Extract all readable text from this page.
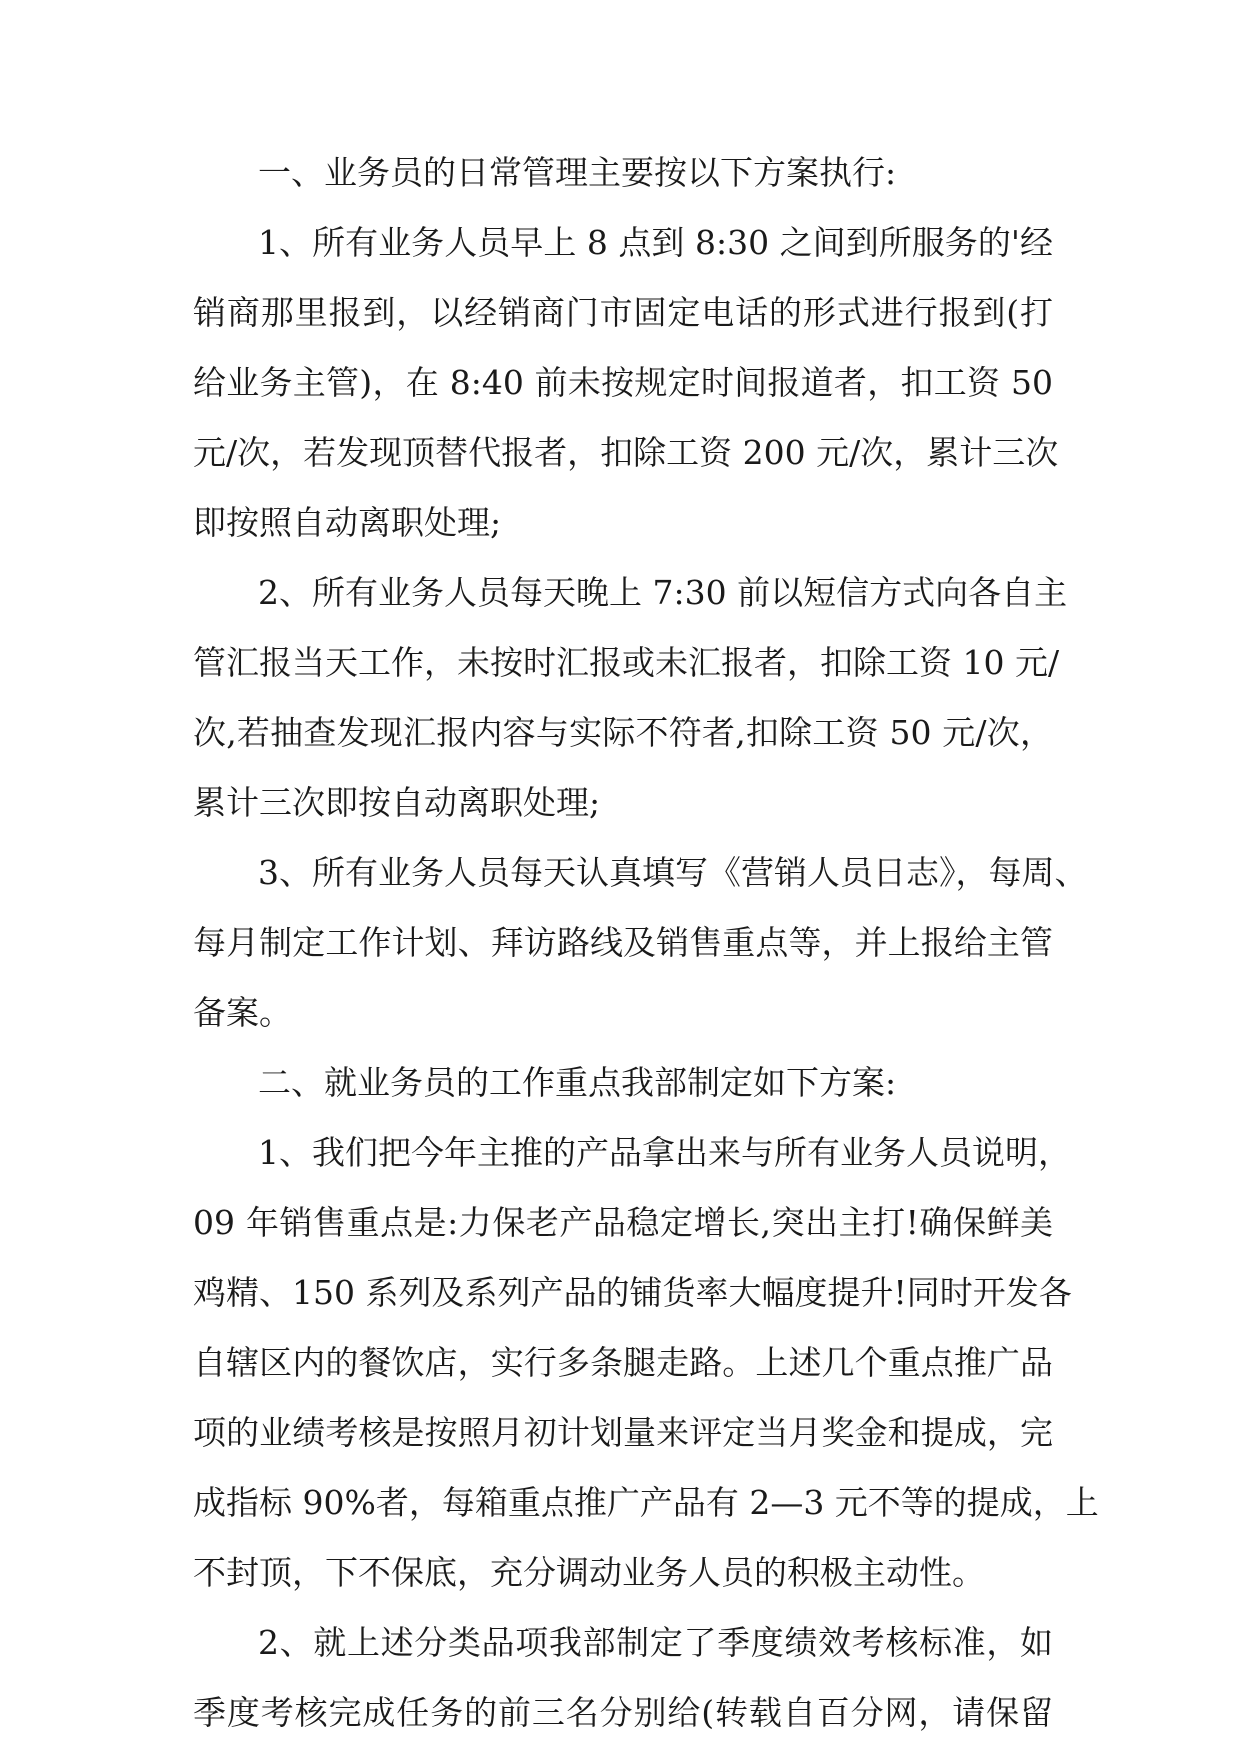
一、业务员的日常管理主要按以下方案执行:
1、所有业务人员早上 8 点到 8:30 之间到所服务的'经
销商那里报到，以经销商门市固定电话的形式进行报到(打
给业务主管)，在 8:40 前未按规定时间报道者，扣工资 50
元/次，若发现顶替代报者，扣除工资 200 元/次，累计三次
即按照自动离职处理;
2、所有业务人员每天晚上 7:30 前以短信方式向各自主
管汇报当天工作，未按时汇报或未汇报者，扣除工资 10 元/
次,若抽查发现汇报内容与实际不符者,扣除工资 50 元/次，
累计三次即按自动离职处理;
3、所有业务人员每天认真填写《营销人员日志》，每周、
每月制定工作计划、拜访路线及销售重点等，并上报给主管
备案。
二、就业务员的工作重点我部制定如下方案:
1、我们把今年主推的产品拿出来与所有业务人员说明，
09 年销售重点是:力保老产品稳定增长,突出主打!确保鲜美
鸡精、150 系列及系列产品的铺货率大幅度提升!同时开发各
自辖区内的餐饮店，实行多条腿走路。上述几个重点推广品
项的业绩考核是按照月初计划量来评定当月奖金和提成，完
成指标 90%者，每箱重点推广产品有 2—3 元不等的提成，上
不封顶，下不保底，充分调动业务人员的积极主动性。
2、就上述分类品项我部制定了季度绩效考核标准，如
季度考核完成任务的前三名分别给(转载自百分网，请保留
